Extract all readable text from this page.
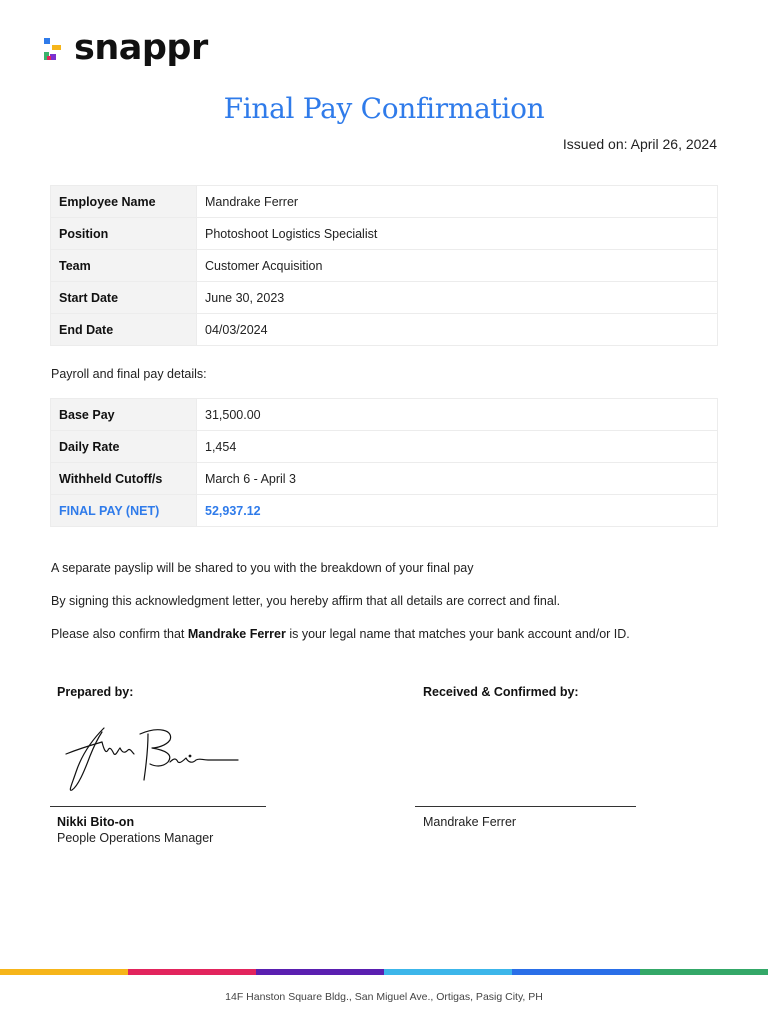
snappr
Final Pay Confirmation
Issued on: April 26, 2024
Employee Name	Mandrake Ferrer
Position	Photoshoot Logistics Specialist
Team	Customer Acquisition
Start Date	June 30, 2023
End Date	04/03/2024
Payroll and final pay details:
Base Pay	31,500.00
Daily Rate	1,454
Withheld Cutoff/s	March 6 - April 3
FINAL PAY (NET)	52,937.12
A separate payslip will be shared to you with the breakdown of your final pay
By signing this acknowledgment letter, you hereby affirm that all details are correct and final.
Please also confirm that Mandrake Ferrer is your legal name that matches your bank account and/or ID.
Prepared by:	Received & Confirmed by:
Nikki Bito-on
People Operations Manager
Mandrake Ferrer
14F Hanston Square Bldg., San Miguel Ave., Ortigas, Pasig City, PH
